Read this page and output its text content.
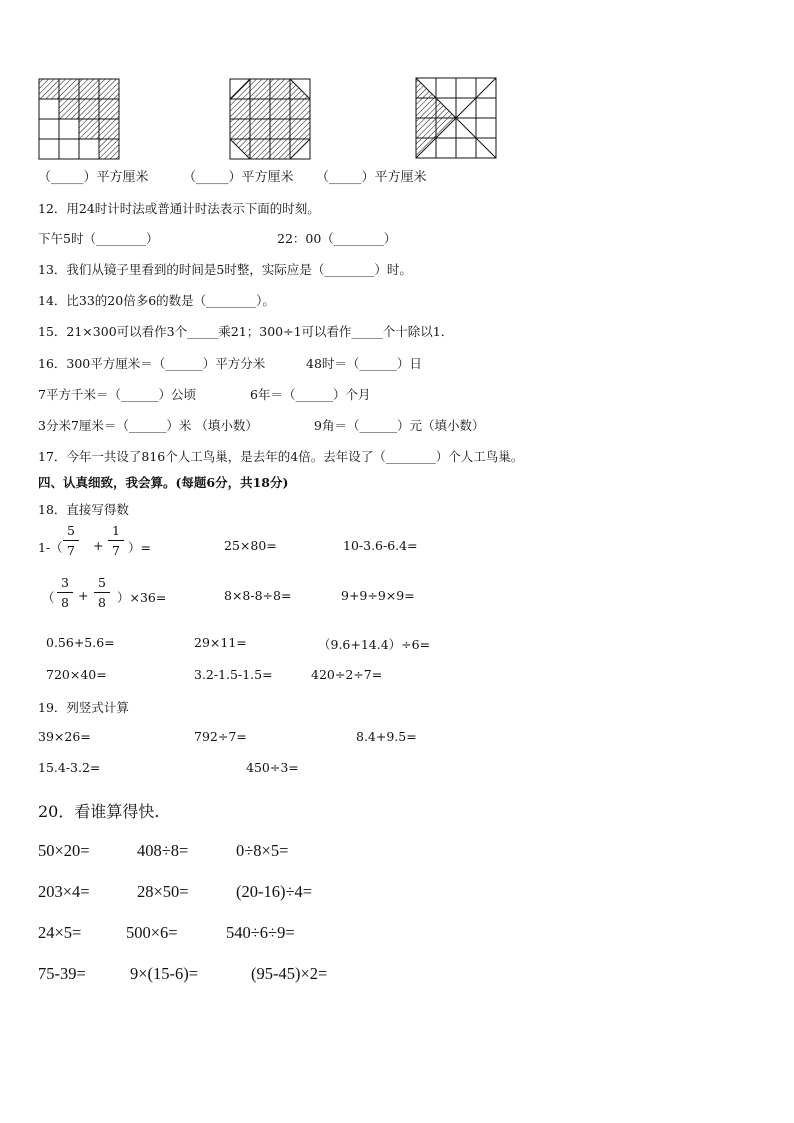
（_____）平方厘米	（_____）平方厘米 （_____）平方厘米
12．用24时计时法或普通计时法表示下面的时刻。
下午5时（________）	22：00（________）
13．我们从镜子里看到的时间是5时整，实际应是（________）时。
14．比33的20倍多6的数是（________）。
15．21×300可以看作3个_____乘21；300÷1可以看作_____个十除以1．
16．300平方厘米＝（______）平方分米	48时＝（______）日
7平方千米＝（______）公顷	6年＝（______）个月
3分米7厘米＝（______）米 （填小数）	9角＝（______）元（填小数）
17．今年一共设了816个人工鸟巢，是去年的4倍。去年设了（________）个人工鸟巢。
四、认真细致，我会算。(每题6分，共18分)
18．直接写得数
1-（
5
7	+
1
7 ）=	25×80=	10-3.6-6.4=
（
3
8 +
5
8 ）×36=	8×8-8÷8=	9+9÷9×9=
0.56+5.6=	29×11=	（9.6+14.4）÷6=
720×40=	3.2-1.5-1.5=	420÷2÷7=
19．列竖式计算
39×26=	792÷7=	8.4+9.5=
15.4-3.2=	450÷3=
20．看谁算得快.
50×20=	408÷8=	0÷8×5=
203×4=	28×50=	(20-16)÷4=
24×5=	500×6=	540÷6÷9=
75-39=	9×(15-6)=	(95-45)×2=
